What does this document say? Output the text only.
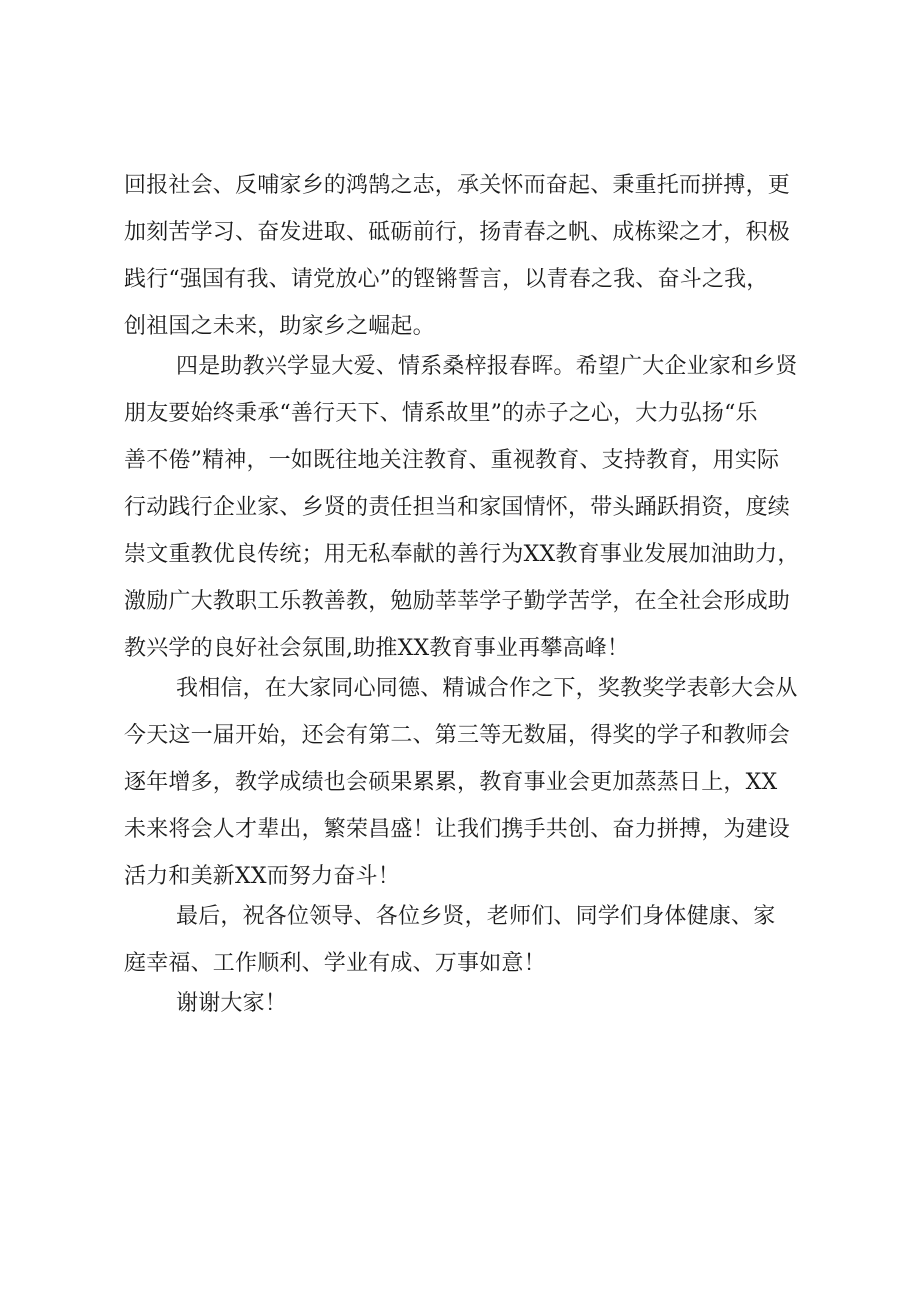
回报社会、反哺家乡的鸿鹄之志，承关怀而奋起、秉重托而拼搏，更
加刻苦学习、奋发进取、砥砺前行，扬青春之帆、成栋梁之才，积极
践行“强国有我、请党放心”的铿锵誓言，以青春之我、奋斗之我，
创祖国之未来，助家乡之崛起。
四是助教兴学显大爱、情系桑梓报春晖。希望广大企业家和乡贤
朋友要始终秉承“善行天下、情系故里”的赤子之心，大力弘扬“乐
善不倦”精神，一如既往地关注教育、重视教育、支持教育，用实际
行动践行企业家、乡贤的责任担当和家国情怀，带头踊跃捐资，度续
崇文重教优良传统；用无私奉献的善行为XX教育事业发展加油助力，
激励广大教职工乐教善教，勉励莘莘学子勤学苦学，在全社会形成助
教兴学的良好社会氛围,助推XX教育事业再攀高峰！
我相信，在大家同心同德、精诚合作之下，奖教奖学表彰大会从
今天这一届开始，还会有第二、第三等无数届，得奖的学子和教师会
逐年增多，教学成绩也会硕果累累，教育事业会更加蒸蒸日上，XX
未来将会人才辈出，繁荣昌盛！让我们携手共创、奋力拼搏，为建设
活力和美新XX而努力奋斗！
最后，祝各位领导、各位乡贤，老师们、同学们身体健康、家
庭幸福、工作顺利、学业有成、万事如意！
谢谢大家！
